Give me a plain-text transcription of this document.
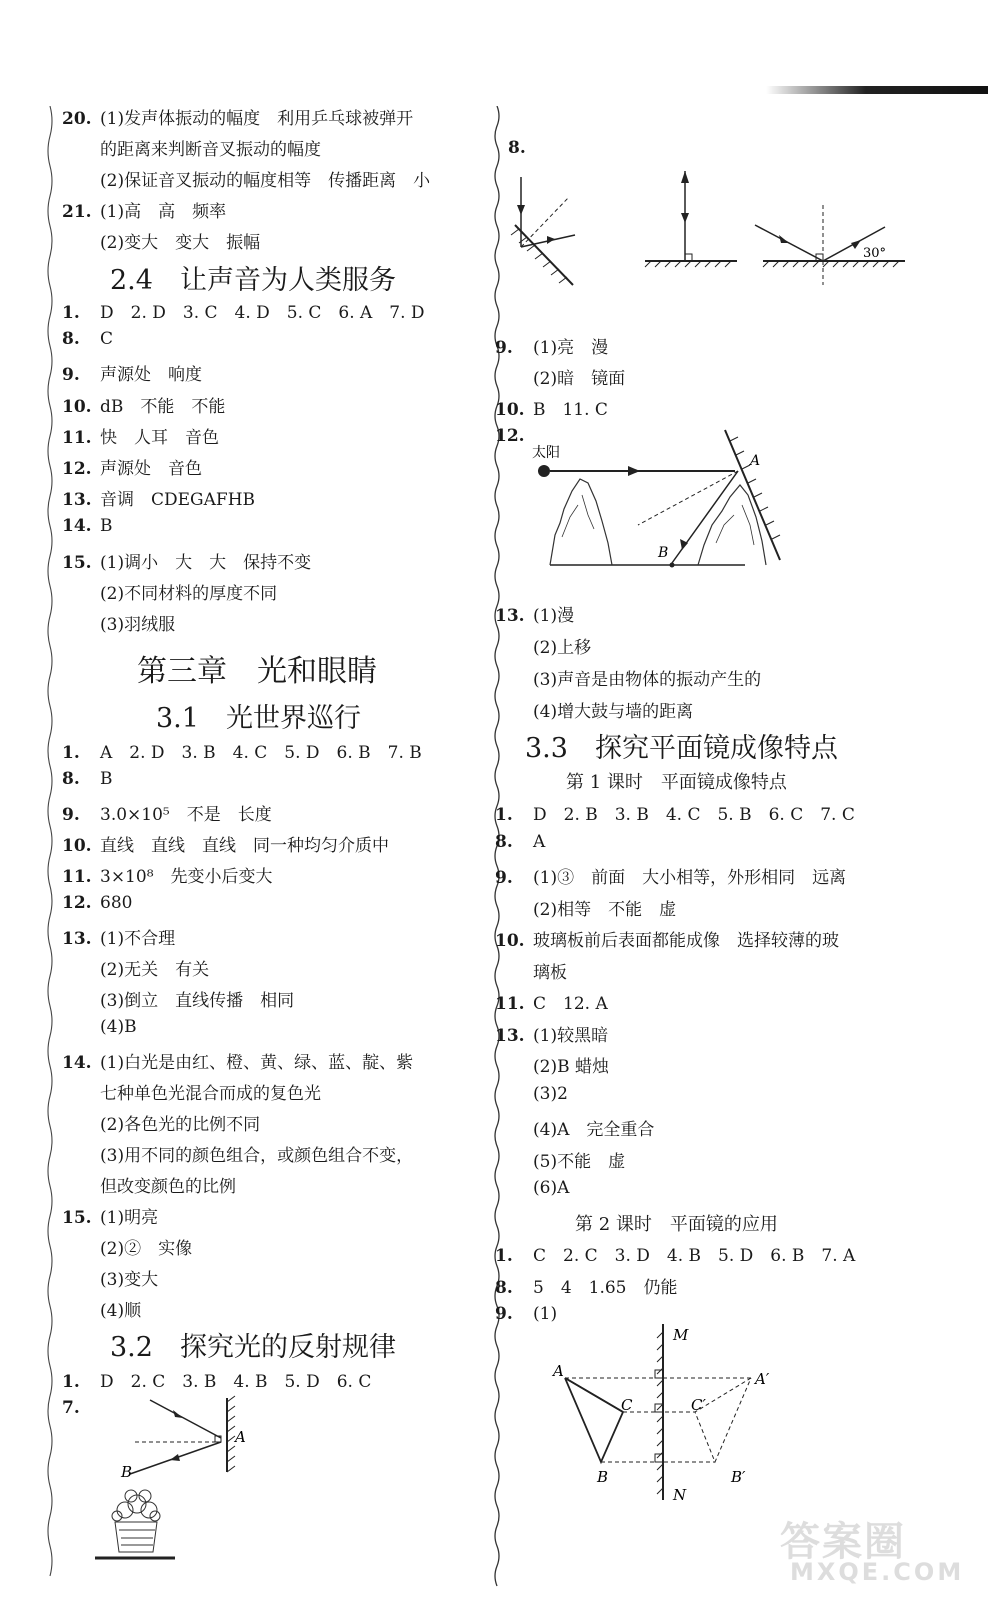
20. (1)发声体振动的幅度　利用乒乓球被弹开
的距离来判断音叉振动的幅度
(2)保证音叉振动的幅度相等　传播距离　小
21. (1)高　高　频率
(2)变大　变大　振幅
2.4　让声音为人类服务
1. D　2. D　3. C　4. D　5. C　6. A　7. D
8. C
9. 声源处　响度
10. dB　不能　不能
11. 快　人耳　音色
12. 声源处　音色
13. 音调　CDEGAFHB
14. B
15. (1)调小　大　大　保持不变
(2)不同材料的厚度不同
(3)羽绒服
第三章　光和眼睛
3.1　光世界巡行
1. A　2. D　3. B　4. C　5. D　6. B　7. B
8. B
9. 3.0×10⁵　不是　长度
10. 直线　直线　直线　同一种均匀介质中
11. 3×10⁸　先变小后变大
12. 680
13. (1)不合理
(2)无关　有关
(3)倒立　直线传播　相同
(4)B
14. (1)白光是由红、橙、黄、绿、蓝、靛、紫
七种单色光混合而成的复色光
(2)各色光的比例不同
(3)用不同的颜色组合，或颜色组合不变，
但改变颜色的比例
15. (1)明亮
(2)②　实像
(3)变大
(4)顺
3.2　探究光的反射规律
1. D　2. C　3. B　4. B　5. D　6. C
7.
A
B
8.
30°
9. (1)亮　漫
(2)暗　镜面
10. B　11. C
12.
太阳	A
B
13. (1)漫
(2)上移
(3)声音是由物体的振动产生的
(4)增大鼓与墙的距离
3.3　探究平面镜成像特点
第 1 课时　平面镜成像特点
1. D　2. B　3. B　4. C　5. B　6. C　7. C
8. A
9. (1)③　前面　大小相等，外形相同　远离
(2)相等　不能　虚
10. 玻璃板前后表面都能成像　选择较薄的玻
璃板
11. C　12. A
13. (1)较黑暗
(2)B 蜡烛
(3)2
(4)A　完全重合
(5)不能　虚
(6)A
第 2 课时　平面镜的应用
1. C　2. C　3. D　4. B　5. D　6. B　7. A
8. 5　4　1.65　仍能
9. (1)
M
N
A
C
B
A′
C′
B′
答案圈
MXQE.COM
